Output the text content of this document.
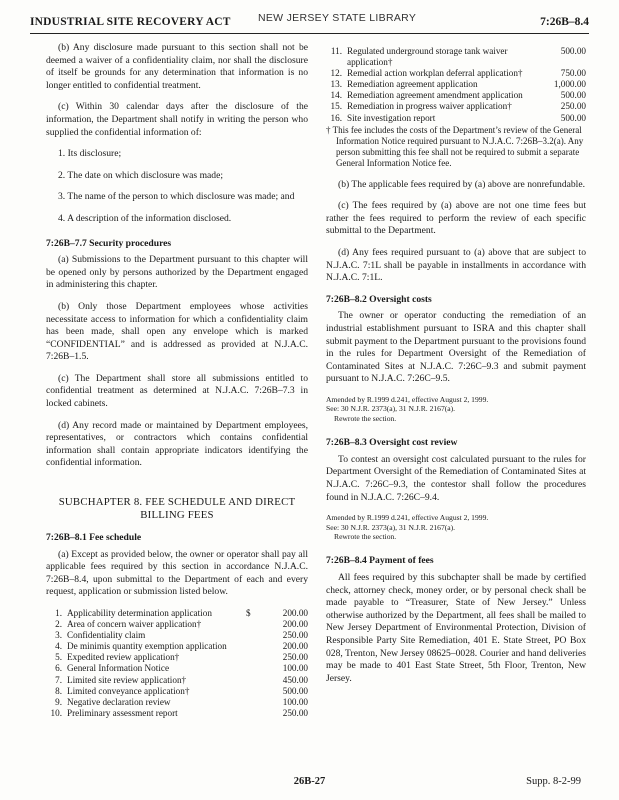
INDUSTRIAL SITE RECOVERY ACT	NEW JERSEY STATE LIBRARY	7:26B–8.4

(b) Any disclosure made pursuant to this section shall not be deemed a waiver of a confidentiality claim, nor shall the disclosure of itself be grounds for any determination that information is no longer entitled to confidential treatment.

(c) Within 30 calendar days after the disclosure of the information, the Department shall notify in writing the person who supplied the confidential information of:

1. Its disclosure;

2. The date on which disclosure was made;

3. The name of the person to which disclosure was made; and

4. A description of the information disclosed.

7:26B–7.7 Security procedures

(a) Submissions to the Department pursuant to this chapter will be opened only by persons authorized by the Department engaged in administering this chapter.

(b) Only those Department employees whose activities necessitate access to information for which a confidentiality claim has been made, shall open any envelope which is marked “CONFIDENTIAL” and is addressed as provided at N.J.A.C. 7:26B–1.5.

(c) The Department shall store all submissions entitled to confidential treatment as determined at N.J.A.C. 7:26B–7.3 in locked cabinets.

(d) Any record made or maintained by Department employees, representatives, or contractors which contains confidential information shall contain appropriate indicators identifying the confidential information.

SUBCHAPTER 8. FEE SCHEDULE AND DIRECT
BILLING FEES
7:26B–8.1 Fee schedule

(a) Except as provided below, the owner or operator shall pay all applicable fees required by this section in accordance N.J.A.C. 7:26B–8.4, upon submittal to the Department of each and every request, application or submission listed below.

1.	Applicability determination application	$	200.00
2.	Area of concern waiver application†		200.00
3.	Confidentiality claim		250.00
4.	De minimis quantity exemption application		200.00
5.	Expedited review application†		250.00
6.	General Information Notice		100.00
7.	Limited site review application†		450.00
8.	Limited conveyance application†		500.00
9.	Negative declaration review		100.00
10.	Preliminary assessment report		250.00
11.	Regulated underground storage tank waiver application†	500.00
12.	Remedial action workplan deferral application†	750.00
13.	Remediation agreement application	1,000.00
14.	Remediation agreement amendment application	500.00
15.	Remediation in progress waiver application†	250.00
16.	Site investigation report	500.00
† This fee includes the costs of the Department’s review of the General Information Notice required pursuant to N.J.A.C. 7:26B–3.2(a). Any person submitting this fee shall not be required to submit a separate General Information Notice fee.

(b) The applicable fees required by (a) above are nonrefundable.

(c) The fees required by (a) above are not one time fees but rather the fees required to perform the review of each specific submittal to the Department.

(d) Any fees required pursuant to (a) above that are subject to N.J.A.C. 7:1L shall be payable in installments in accordance with N.J.A.C. 7:1L.

7:26B–8.2 Oversight costs

The owner or operator conducting the remediation of an industrial establishment pursuant to ISRA and this chapter shall submit payment to the Department pursuant to the provisions found in the rules for Department Oversight of the Remediation of Contaminated Sites at N.J.A.C. 7:26C–9.3 and submit payment pursuant to N.J.A.C. 7:26C–9.5.

Amended by R.1999 d.241, effective August 2, 1999.
See: 30 N.J.R. 2373(a), 31 N.J.R. 2167(a).
Rewrote the section.
7:26B–8.3 Oversight cost review

To contest an oversight cost calculated pursuant to the rules for Department Oversight of the Remediation of Contaminated Sites at N.J.A.C. 7:26C–9.3, the contestor shall follow the procedures found in N.J.A.C. 7:26C–9.4.

Amended by R.1999 d.241, effective August 2, 1999.
See: 30 N.J.R. 2373(a), 31 N.J.R. 2167(a).
Rewrote the section.
7:26B–8.4 Payment of fees

All fees required by this subchapter shall be made by certified check, attorney check, money order, or by personal check shall be made payable to “Treasurer, State of New Jersey.” Unless otherwise authorized by the Department, all fees shall be mailed to New Jersey Department of Environmental Protection, Division of Responsible Party Site Remediation, 401 E. State Street, PO Box 028, Trenton, New Jersey 08625–0028. Courier and hand deliveries may be made to 401 East State Street, 5th Floor, Trenton, New Jersey.

26B-27	Supp. 8-2-99
